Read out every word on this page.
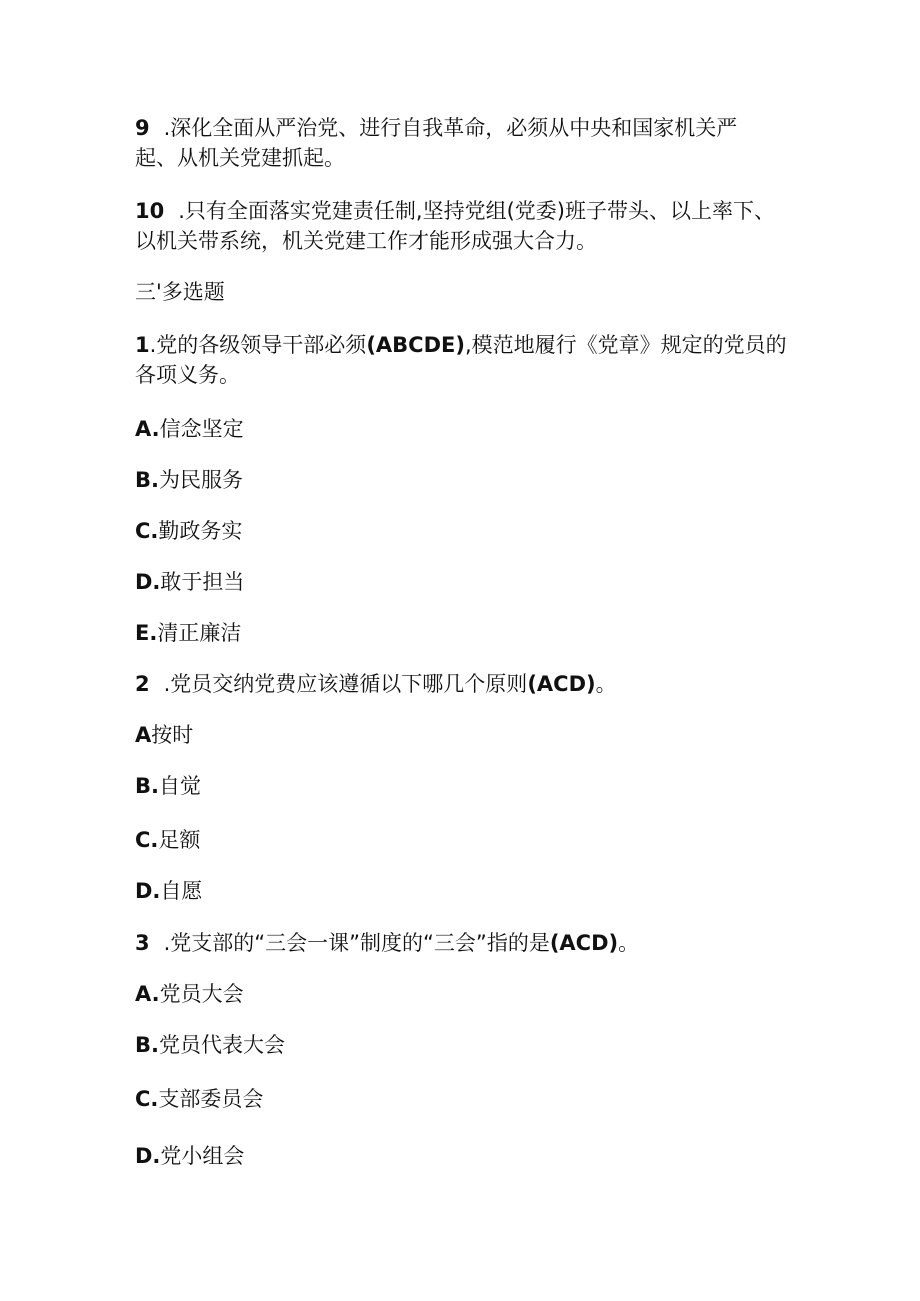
9 .深化全面从严治党、进行自我革命，必须从中央和国家机关严
起、从机关党建抓起。
10 .只有全面落实党建责任制,坚持党组(党委)班子带头、以上率下、
以机关带系统，机关党建工作才能形成强大合力。
三'多选题
1.党的各级领导干部必须(ABCDE),模范地履行《党章》规定的党员的
各项义务。
A.信念坚定
B.为民服务
C.勤政务实
D.敢于担当
E.清正廉洁
2 .党员交纳党费应该遵循以下哪几个原则(ACD)。
A按时
B.自觉
C.足额
D.自愿
3 .党支部的“三会一课”制度的“三会”指的是(ACD)。
A.党员大会
B.党员代表大会
C.支部委员会
D.党小组会
